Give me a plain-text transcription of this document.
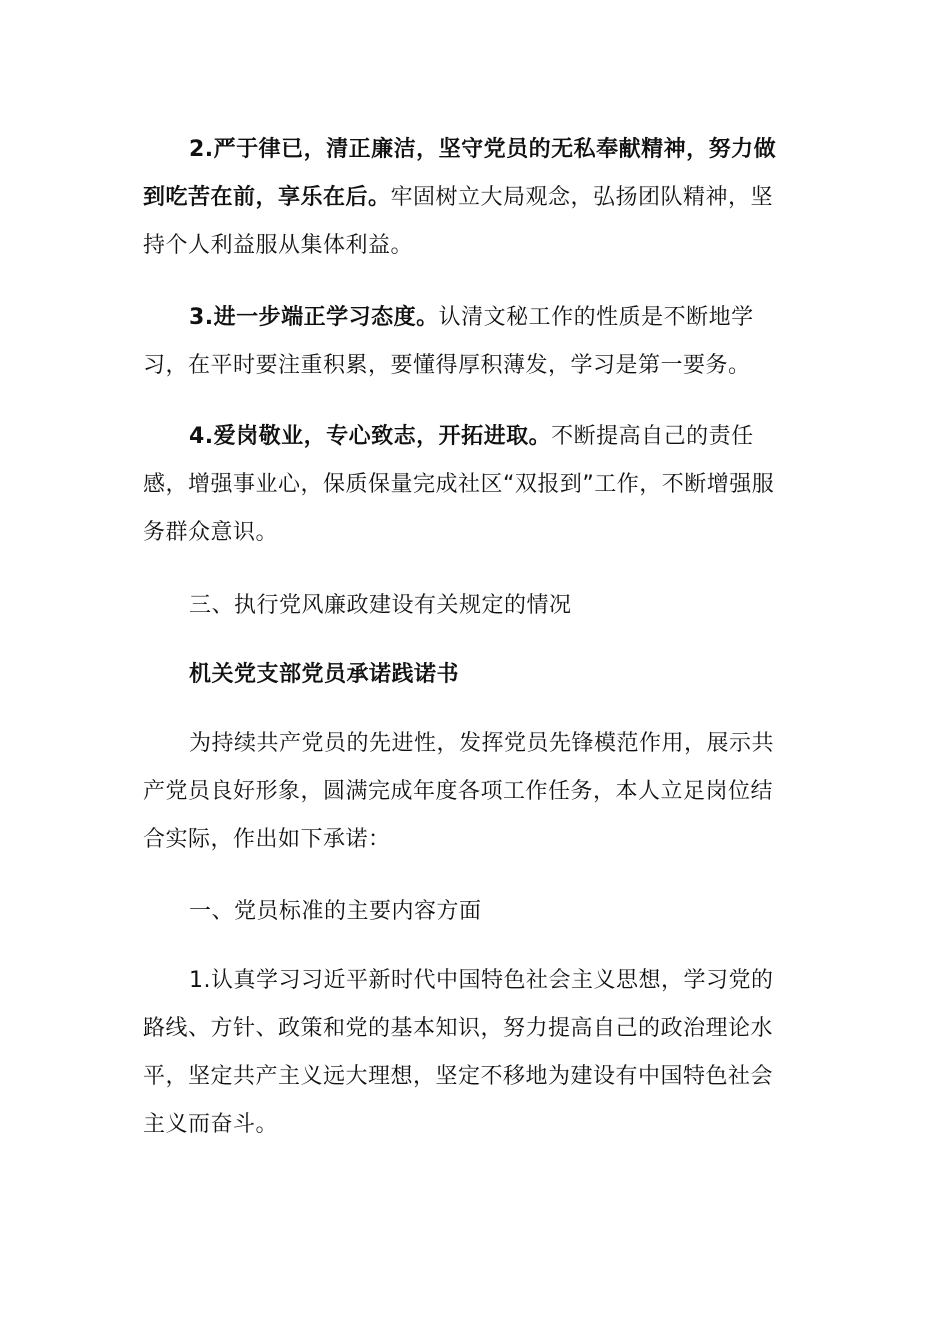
2.严于律已，清正廉洁，坚守党员的无私奉献精神，努力做到吃苦在前，享乐在后。牢固树立大局观念，弘扬团队精神，坚持个人利益服从集体利益。

3.进一步端正学习态度。认清文秘工作的性质是不断地学习，在平时要注重积累，要懂得厚积薄发，学习是第一要务。

4.爱岗敬业，专心致志，开拓进取。不断提高自己的责任感，增强事业心，保质保量完成社区“双报到”工作，不断增强服务群众意识。

三、执行党风廉政建设有关规定的情况

机关党支部党员承诺践诺书

为持续共产党员的先进性，发挥党员先锋模范作用，展示共产党员良好形象，圆满完成年度各项工作任务，本人立足岗位结合实际，作出如下承诺：

一、党员标准的主要内容方面

1.认真学习习近平新时代中国特色社会主义思想，学习党的路线、方针、政策和党的基本知识，努力提高自己的政治理论水平，坚定共产主义远大理想，坚定不移地为建设有中国特色社会主义而奋斗。
